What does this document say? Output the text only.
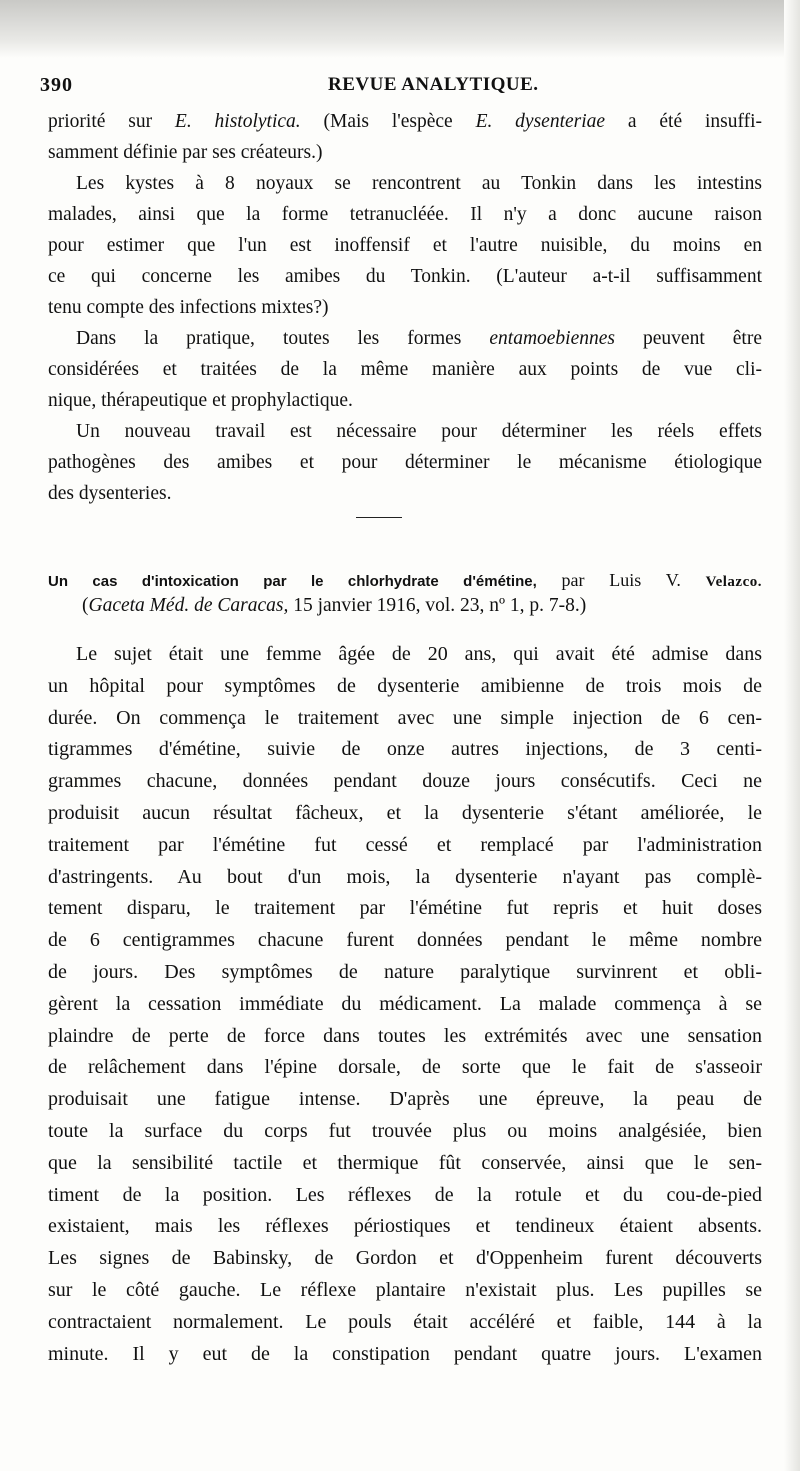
390	REVUE ANALYTIQUE.
priorité sur E. histolytica. (Mais l'espèce E. dysenteriae a été insuffi-
samment définie par ses créateurs.)
Les kystes à 8 noyaux se rencontrent au Tonkin dans les intestins
malades, ainsi que la forme tetranucléée. Il n'y a donc aucune raison
pour estimer que l'un est inoffensif et l'autre nuisible, du moins en
ce qui concerne les amibes du Tonkin. (L'auteur a-t-il suffisamment
tenu compte des infections mixtes?)
Dans la pratique, toutes les formes entamoebiennes peuvent être
considérées et traitées de la même manière aux points de vue cli-
nique, thérapeutique et prophylactique.
Un nouveau travail est nécessaire pour déterminer les réels effets
pathogènes des amibes et pour déterminer le mécanisme étiologique
des dysenteries.
Un cas d'intoxication par le chlorhydrate d'émétine, par Luis V. Velazco.
(Gaceta Méd. de Caracas, 15 janvier 1916, vol. 23, nº 1, p. 7-8.)
Le sujet était une femme âgée de 20 ans, qui avait été admise dans
un hôpital pour symptômes de dysenterie amibienne de trois mois de
durée. On commença le traitement avec une simple injection de 6 cen-
tigrammes d'émétine, suivie de onze autres injections, de 3 centi-
grammes chacune, données pendant douze jours consécutifs. Ceci ne
produisit aucun résultat fâcheux, et la dysenterie s'étant améliorée, le
traitement par l'émétine fut cessé et remplacé par l'administration
d'astringents. Au bout d'un mois, la dysenterie n'ayant pas complè-
tement disparu, le traitement par l'émétine fut repris et huit doses
de 6 centigrammes chacune furent données pendant le même nombre
de jours. Des symptômes de nature paralytique survinrent et obli-
gèrent la cessation immédiate du médicament. La malade commença à se
plaindre de perte de force dans toutes les extrémités avec une sensation
de relâchement dans l'épine dorsale, de sorte que le fait de s'asseoir
produisait une fatigue intense. D'après une épreuve, la peau de
toute la surface du corps fut trouvée plus ou moins analgésiée, bien
que la sensibilité tactile et thermique fût conservée, ainsi que le sen-
timent de la position. Les réflexes de la rotule et du cou-de-pied
existaient, mais les réflexes périostiques et tendineux étaient absents.
Les signes de Babinsky, de Gordon et d'Oppenheim furent découverts
sur le côté gauche. Le réflexe plantaire n'existait plus. Les pupilles se
contractaient normalement. Le pouls était accéléré et faible, 144 à la
minute. Il y eut de la constipation pendant quatre jours. L'examen
